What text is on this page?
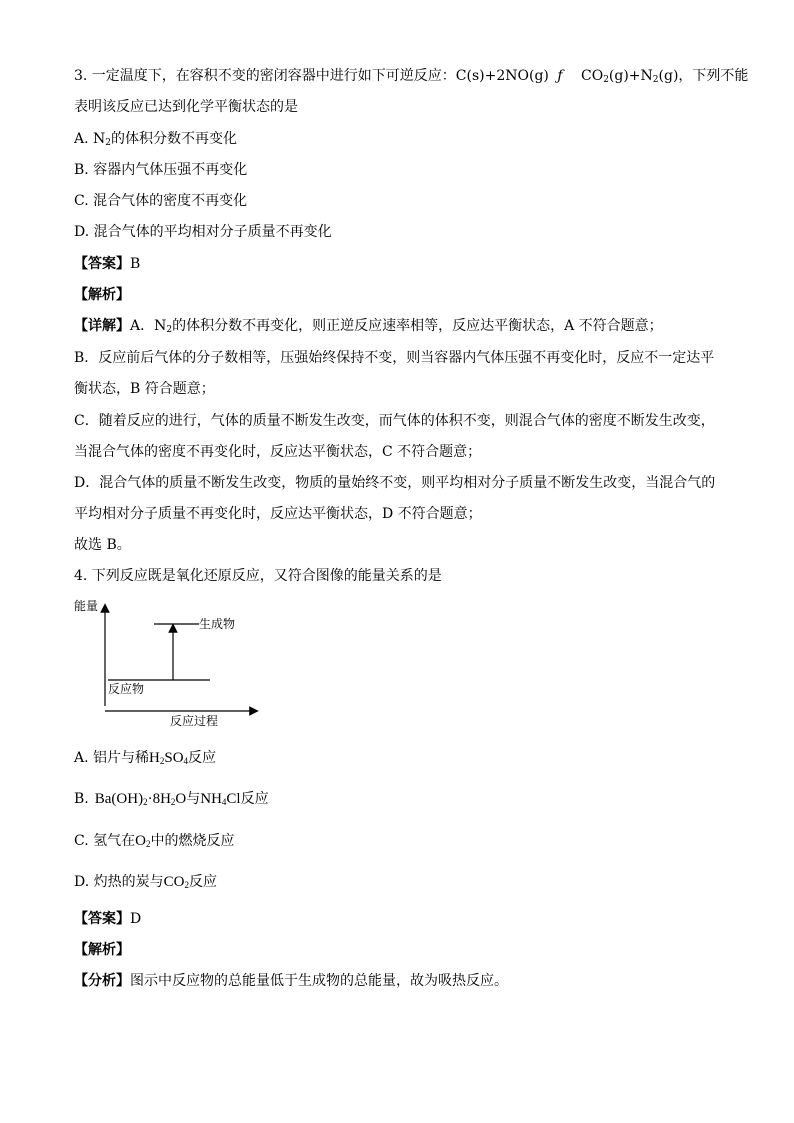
3. 一定温度下，在容积不变的密闭容器中进行如下可逆反应：C(s)+2NO(g) ƒ $CO_2(g)+N_2(g)$，下列不能
表明该反应已达到化学平衡状态的是
A. $N_2$的体积分数不再变化
B. 容器内气体压强不再变化
C. 混合气体的密度不再变化
D. 混合气体的平均相对分子质量不再变化
【答案】B
【解析】
【详解】A．$N_2$的体积分数不再变化，则正逆反应速率相等，反应达平衡状态，A 不符合题意；
B．反应前后气体的分子数相等，压强始终保持不变，则当容器内气体压强不再变化时，反应不一定达平
衡状态，B 符合题意；
C．随着反应的进行，气体的质量不断发生改变，而气体的体积不变，则混合气体的密度不断发生改变，
当混合气体的密度不再变化时，反应达平衡状态，C 不符合题意；
D．混合气体的质量不断发生改变，物质的量始终不变，则平均相对分子质量不断发生改变，当混合气的
平均相对分子质量不再变化时，反应达平衡状态，D 不符合题意；
故选 B。
4. 下列反应既是氧化还原反应，又符合图像的能量关系的是
能量
反应过程
生成物
反应物
A. 铝片与稀$H_2SO_4$反应
B. $Ba(OH)_2\cdot 8H_2O$与$NH_4Cl$反应
C. 氢气在$O_2$中的燃烧反应
D. 灼热的炭与$CO_2$反应
【答案】D
【解析】
【分析】图示中反应物的总能量低于生成物的总能量，故为吸热反应。
